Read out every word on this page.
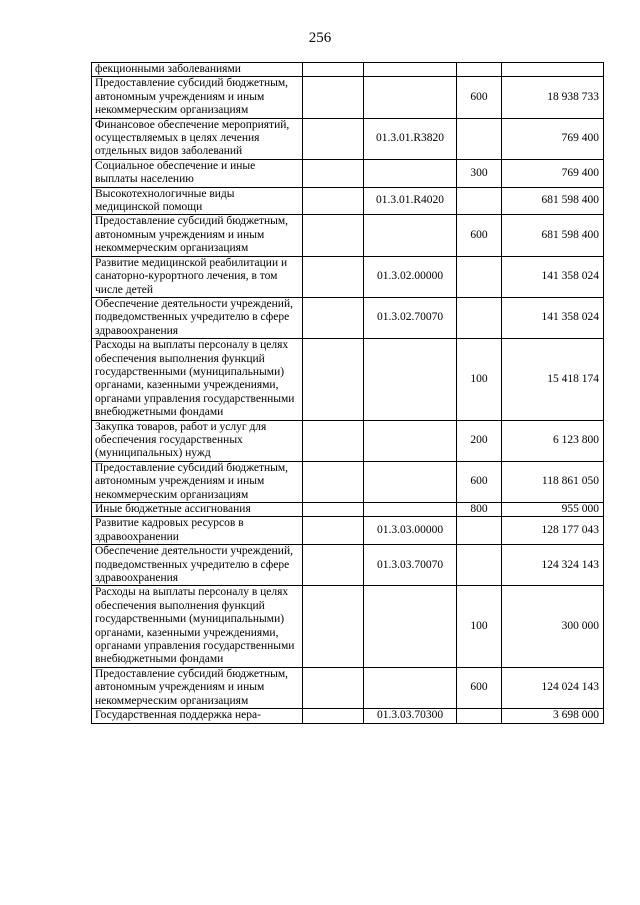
256
фекционными заболеваниями				
Предоставление субсидий бюджетным, автономным учреждениям и иным некоммерческим организациям			600	18 938 733
Финансовое обеспечение мероприятий, осуществляемых в целях лечения отдельных видов заболеваний		01.3.01.R3820		769 400
Социальное обеспечение и иные выплаты населению			300	769 400
Высокотехнологичные виды медицинской помощи		01.3.01.R4020		681 598 400
Предоставление субсидий бюджетным, автономным учреждениям и иным некоммерческим организациям			600	681 598 400
Развитие медицинской реабилитации и санаторно-курортного лечения, в том числе детей		01.3.02.00000		141 358 024
Обеспечение деятельности учреждений, подведомственных учредителю в сфере здравоохранения		01.3.02.70070		141 358 024
Расходы на выплаты персоналу в целях обеспечения выполнения функций государственными (муниципальными) органами, казенными учреждениями, органами управления государственными внебюджетными фондами			100	15 418 174
Закупка товаров, работ и услуг для обеспечения государственных (муниципальных) нужд			200	6 123 800
Предоставление субсидий бюджетным, автономным учреждениям и иным некоммерческим организациям			600	118 861 050
Иные бюджетные ассигнования			800	955 000
Развитие кадровых ресурсов в здравоохранении		01.3.03.00000		128 177 043
Обеспечение деятельности учреждений, подведомственных учредителю в сфере здравоохранения		01.3.03.70070		124 324 143
Расходы на выплаты персоналу в целях обеспечения выполнения функций государственными (муниципальными) органами, казенными учреждениями, органами управления государственными внебюджетными фондами			100	300 000
Предоставление субсидий бюджетным, автономным учреждениям и иным некоммерческим организациям			600	124 024 143
Государственная поддержка нера-		01.3.03.70300		3 698 000
